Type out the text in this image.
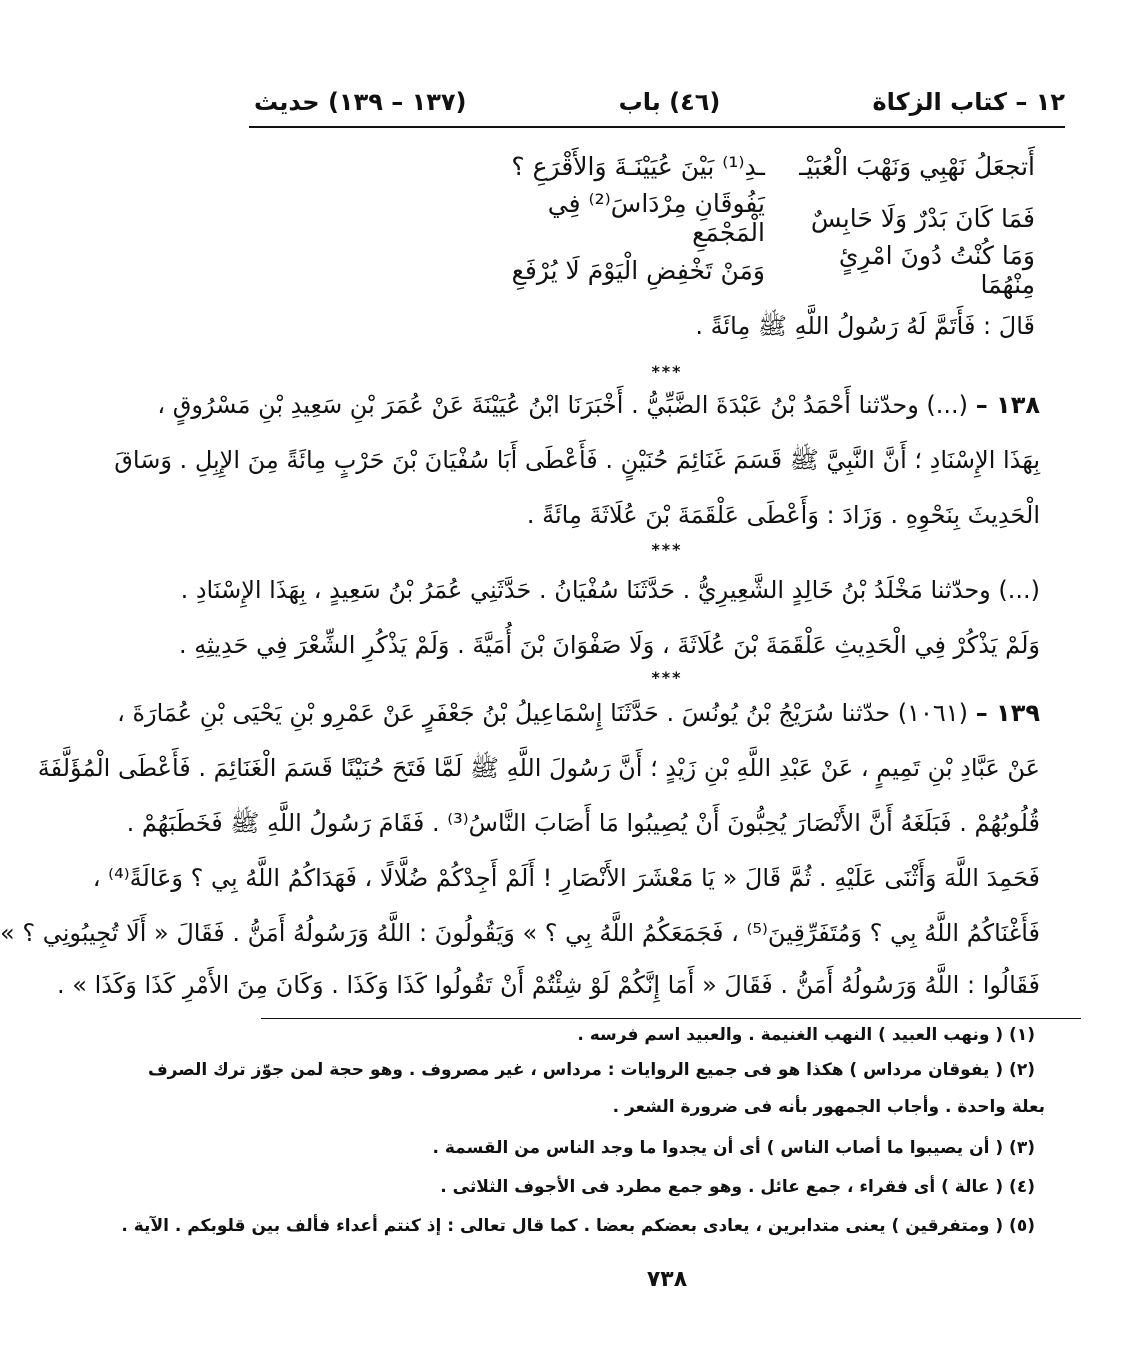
١٢ – كتاب الزكاة
(٤٦) باب
(١٣٧ – ١٣٩) حديث
أَتجعَلُ نَهْبِي وَنَهْبَ الْعُبَيْـ
ـدِ⁽¹⁾ بَيْنَ عُيَيْنَـةَ وَالأَقْرَعِ ؟
فَمَا كَانَ بَدْرٌ وَلَا حَابِسٌ
يَفُوقَانِ مِرْدَاسَ⁽²⁾ فِي الْمَجْمَعِ
وَمَا كُنْتُ دُونَ امْرِئٍ مِنْهُمَا
وَمَنْ تَخْفِضِ الْيَوْمَ لَا يُرْفَعِ
قَالَ : فَأَتَمَّ لَهُ رَسُولُ اللَّهِ ﷺ مِائَةً .
***
١٣٨ – (...) وحدّثنا أَحْمَدُ بْنُ عَبْدَةَ الضَّبِّيُّ . أَخْبَرَنَا ابْنُ عُيَيْنَةَ عَنْ عُمَرَ بْنِ سَعِيدِ بْنِ مَسْرُوقٍ ،
بِهَذَا الإِسْنَادِ ؛ أَنَّ النَّبِيَّ ﷺ قَسَمَ غَنَائِمَ حُنَيْنٍ . فَأَعْطَى أَبَا سُفْيَانَ بْنَ حَرْبٍ مِائَةً مِنَ الإِبِلِ . وَسَاقَ
الْحَدِيثَ بِنَحْوِهِ . وَزَادَ : وَأَعْطَى عَلْقَمَةَ بْنَ عُلَاثَةَ مِائَةً .
***
(...) وحدّثنا مَخْلَدُ بْنُ خَالِدٍ الشَّعِيرِيُّ . حَدَّثَنَا سُفْيَانُ . حَدَّثَنِي عُمَرُ بْنُ سَعِيدٍ ، بِهَذَا الإِسْنَادِ .
وَلَمْ يَذْكُرْ فِي الْحَدِيثِ عَلْقَمَةَ بْنَ عُلَاثَةَ ، وَلَا صَفْوَانَ بْنَ أُمَيَّةَ . وَلَمْ يَذْكُرِ الشِّعْرَ فِي حَدِيثِهِ .
***
١٣٩ – (١٠٦١) حدّثنا سُرَيْجُ بْنُ يُونُسَ . حَدَّثَنَا إِسْمَاعِيلُ بْنُ جَعْفَرٍ عَنْ عَمْرِو بْنِ يَحْيَى بْنِ عُمَارَةَ ،
عَنْ عَبَّادِ بْنِ تَمِيمٍ ، عَنْ عَبْدِ اللَّهِ بْنِ زَيْدٍ ؛ أَنَّ رَسُولَ اللَّهِ ﷺ لَمَّا فَتَحَ حُنَيْنًا قَسَمَ الْغَنَائِمَ . فَأَعْطَى الْمُؤَلَّفَةَ
قُلُوبُهُمْ . فَبَلَغَهُ أَنَّ الأَنْصَارَ يُحِبُّونَ أَنْ يُصِيبُوا مَا أَصَابَ النَّاسُ⁽³⁾ . فَقَامَ رَسُولُ اللَّهِ ﷺ فَخَطَبَهُمْ .
فَحَمِدَ اللَّهَ وَأَثْنَى عَلَيْهِ . ثُمَّ قَالَ « يَا مَعْشَرَ الأَنْصَارِ ! أَلَمْ أَجِدْكُمْ ضُلَّالًا ، فَهَدَاكُمُ اللَّهُ بِي ؟ وَعَالَةً⁽⁴⁾ ،
فَأَغْنَاكُمُ اللَّهُ بِي ؟ وَمُتَفَرِّقِينَ⁽⁵⁾ ، فَجَمَعَكُمُ اللَّهُ بِي ؟ » وَيَقُولُونَ : اللَّهُ وَرَسُولُهُ أَمَنُّ . فَقَالَ « أَلَا تُجِيبُونِي ؟ »
فَقَالُوا : اللَّهُ وَرَسُولُهُ أَمَنُّ . فَقَالَ « أَمَا إِنَّكُمْ لَوْ شِئْتُمْ أَنْ تَقُولُوا كَذَا وَكَذَا . وَكَانَ مِنَ الأَمْرِ كَذَا وَكَذَا » .
(١) ( ونهب العبيد ) النهب الغنيمة . والعبيد اسم فرسه .
(٢) ( يفوقان مرداس ) هكذا هو فى جميع الروايات : مرداس ، غير مصروف . وهو حجة لمن جوّز ترك الصرف
بعلة واحدة . وأجاب الجمهور بأنه فى ضرورة الشعر .
(٣) ( أن يصيبوا ما أصاب الناس ) أى أن يجدوا ما وجد الناس من القسمة .
(٤) ( عالة ) أى فقراء ، جمع عائل . وهو جمع مطرد فى الأجوف الثلاثى .
(٥) ( ومتفرقين ) يعنى متدابرين ، يعادى بعضكم بعضا . كما قال تعالى : إذ كنتم أعداء فألف بين قلوبكم . الآية .
٧٣٨
